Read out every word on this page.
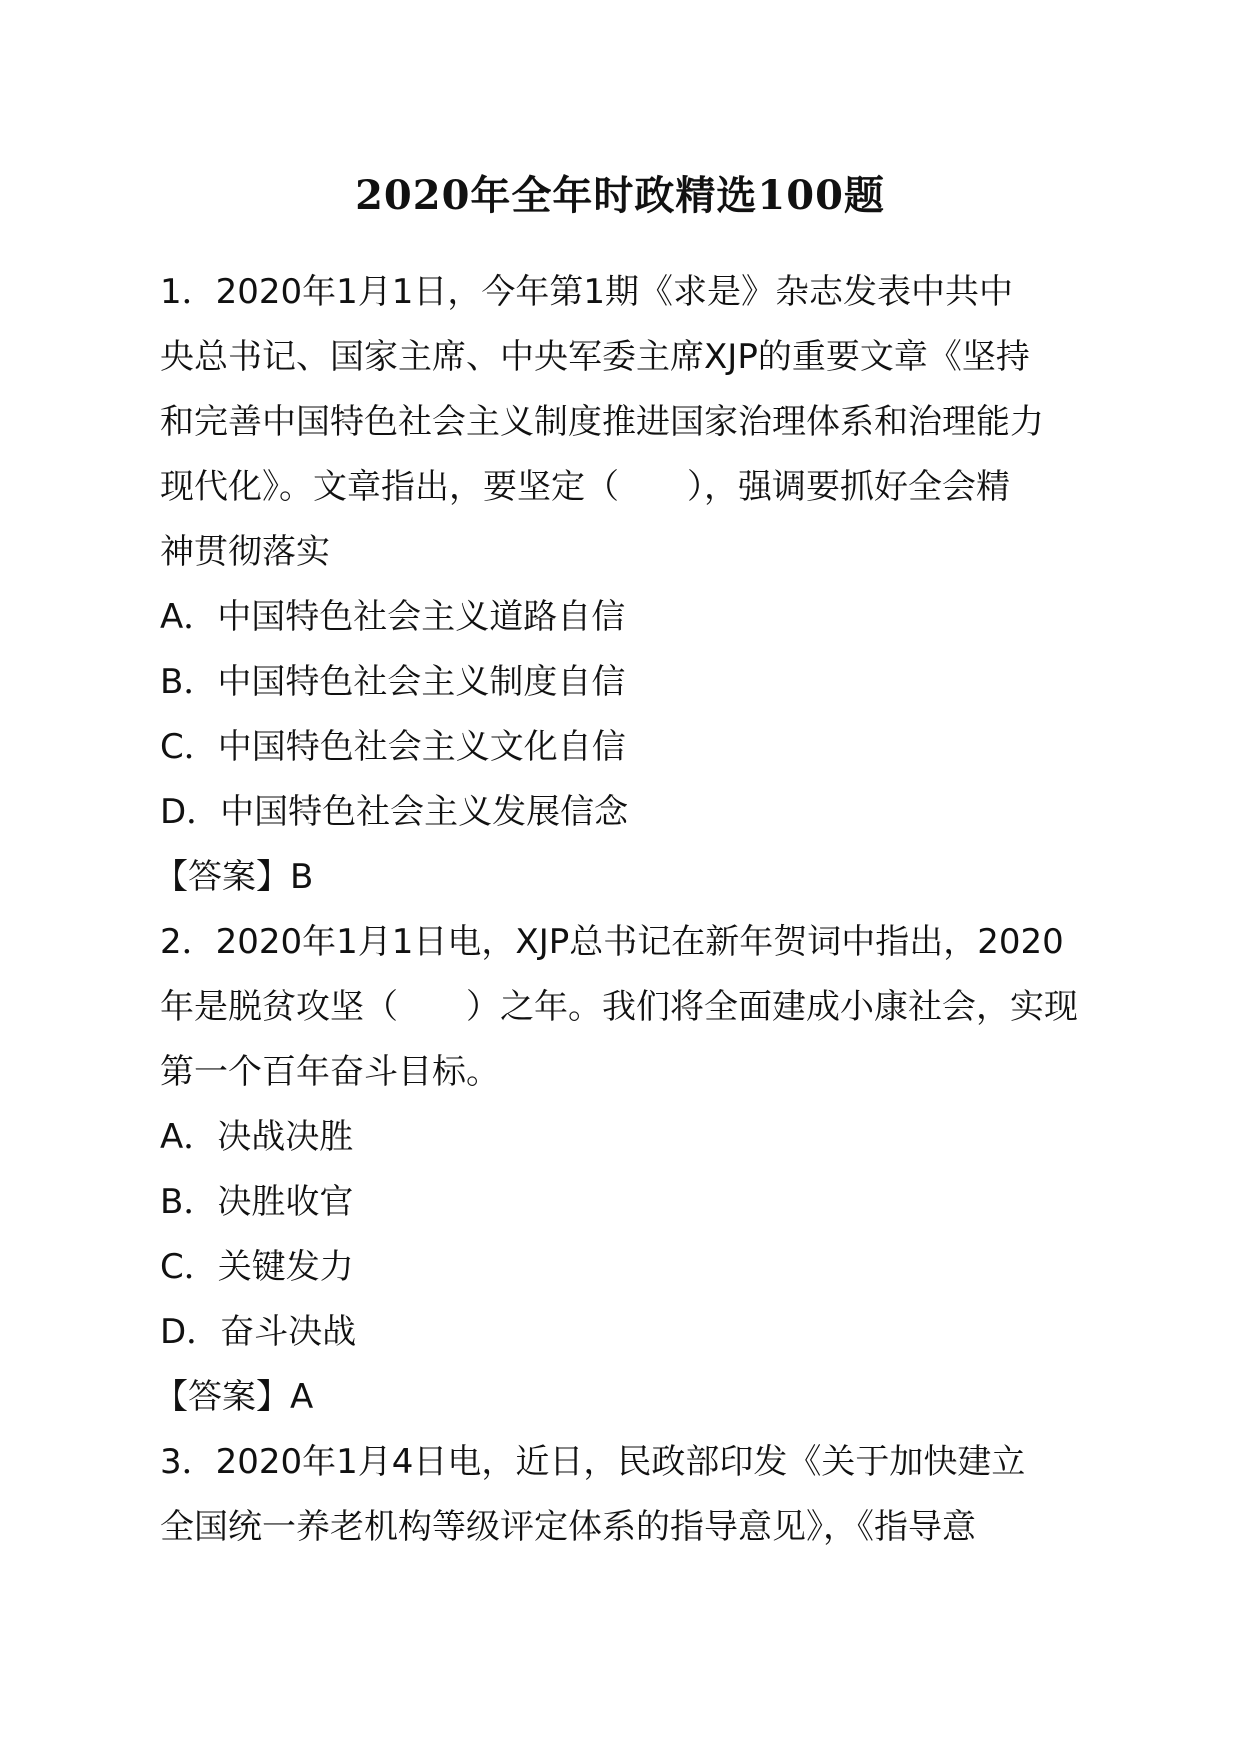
2020年全年时政精选100题

1．2020年1月1日，今年第1期《求是》杂志发表中共中

央总书记、国家主席、中央军委主席XJP的重要文章《坚持

和完善中国特色社会主义制度推进国家治理体系和治理能力

现代化》。文章指出，要坚定（　　），强调要抓好全会精

神贯彻落实

A．中国特色社会主义道路自信

B．中国特色社会主义制度自信

C．中国特色社会主义文化自信

D．中国特色社会主义发展信念

【答案】B

2．2020年1月1日电，XJP总书记在新年贺词中指出，2020

年是脱贫攻坚（　　）之年。我们将全面建成小康社会，实现

第一个百年奋斗目标。

A．决战决胜

B．决胜收官

C．关键发力

D．奋斗决战

【答案】A

3．2020年1月4日电，近日，民政部印发《关于加快建立

全国统一养老机构等级评定体系的指导意见》，《指导意
